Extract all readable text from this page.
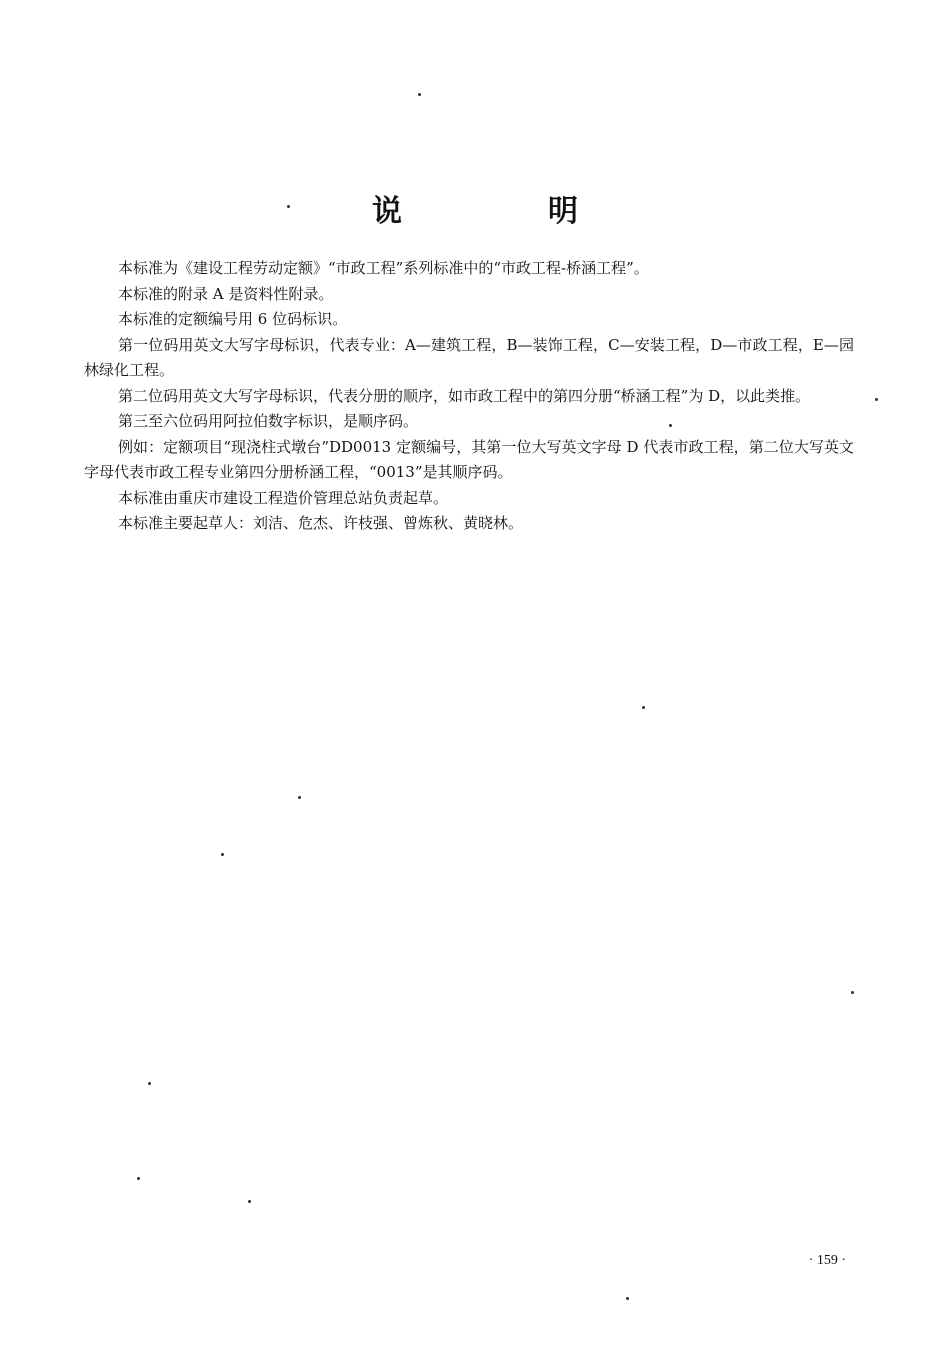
说　明

本标准为《建设工程劳动定额》“市政工程”系列标准中的“市政工程-桥涵工程”。

本标准的附录 A 是资料性附录。

本标准的定额编号用 6 位码标识。

第一位码用英文大写字母标识，代表专业：A—建筑工程，B—装饰工程，C—安装工程，D—市政工程，E—园林绿化工程。

第二位码用英文大写字母标识，代表分册的顺序，如市政工程中的第四分册“桥涵工程”为 D，以此类推。

第三至六位码用阿拉伯数字标识，是顺序码。

例如：定额项目“现浇柱式墩台”DD0013 定额编号，其第一位大写英文字母 D 代表市政工程，第二位大写英文字母代表市政工程专业第四分册桥涵工程，“0013”是其顺序码。

本标准由重庆市建设工程造价管理总站负责起草。

本标准主要起草人：刘洁、危杰、许枝强、曾炼秋、黄晓林。

· 159 ·
